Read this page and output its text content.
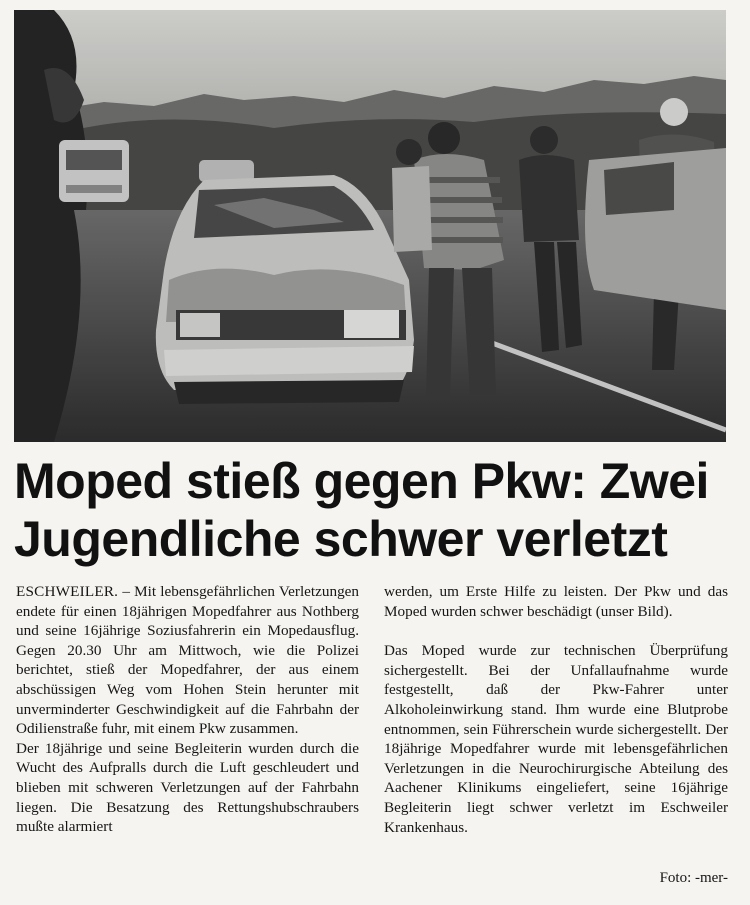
Moped stieß gegen Pkw: Zwei
Jugendliche schwer verletzt

ESCHWEILER. – Mit lebensgefährlichen Verletzungen endete für einen 18jährigen Mopedfahrer aus Nothberg und seine 16jährige Soziusfahrerin ein Mopedausflug. Gegen 20.30 Uhr am Mittwoch, wie die Polizei berichtet, stieß der Mopedfahrer, der aus einem abschüssigen Weg vom Hohen Stein herunter mit unverminderter Geschwindigkeit auf die Fahrbahn der Odilienstraße fuhr, mit einem Pkw zusammen.

Der 18jährige und seine Begleiterin wurden durch die Wucht des Aufpralls durch die Luft geschleudert und blieben mit schweren Verletzungen auf der Fahrbahn liegen. Die Besatzung des Rettungshubschraubers mußte alarmiert

werden, um Erste Hilfe zu leisten. Der Pkw und das Moped wurden schwer beschädigt (unser Bild).

Das Moped wurde zur technischen Überprüfung sichergestellt. Bei der Unfallaufnahme wurde festgestellt, daß der Pkw-Fahrer unter Alkoholeinwirkung stand. Ihm wurde eine Blutprobe entnommen, sein Führerschein wurde sichergestellt. Der 18jährige Mopedfahrer wurde mit lebensgefährlichen Verletzungen in die Neurochirurgische Abteilung des Aachener Klinikums eingeliefert, seine 16jährige Begleiterin liegt schwer verletzt im Eschweiler Krankenhaus.

Foto: -mer-
